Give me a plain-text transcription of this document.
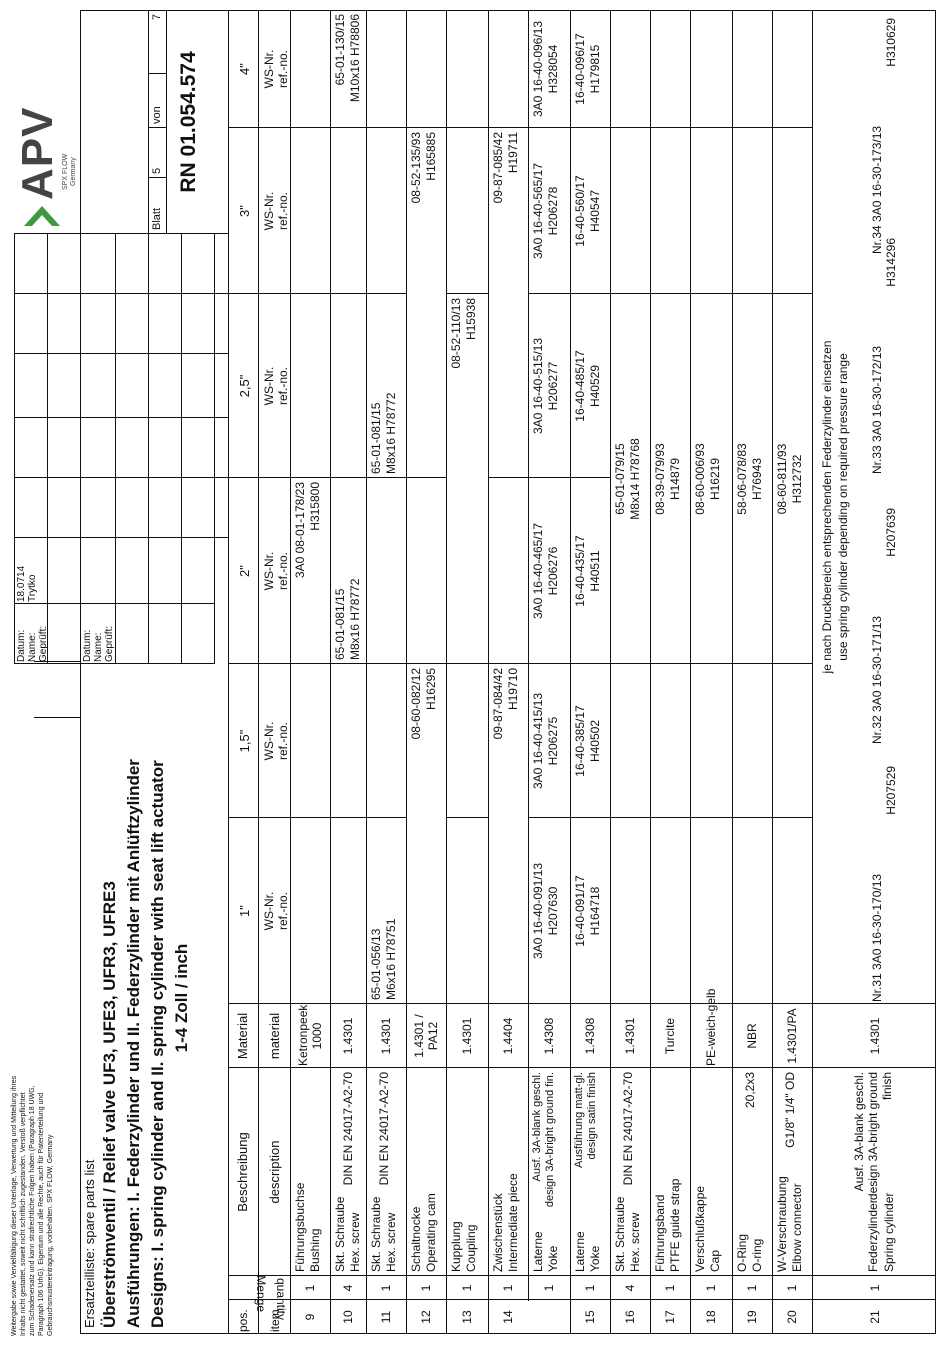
Weitergabe sowie Vervielfältigung dieser Unterlage, Verwertung und Mitteilung ihres Inhalts nicht gestattet, soweit nicht schriftlich zugestanden. Verstoß verpflichtet zum Schadenersatz und kann strafrechtliche Folgen haben (Paragraph 18 UWG, Paragraph 106 UrhG). Eigentum und alle Rechte, auch für Patenterteilung und Gebrauchsmustereintragung, vorbehalten. SPX FLOW, Germany Ersatzteilliste: spare parts list Überströmventil / Relief valve UF3, UFE3, UFR3, UFRE3 Ausführungen: I. Federzylinder und II. Federzylinder mit Anlüftzylinder Designs: I. spring cylinder and II. spring cylinder with seat lift actuator 1-4 Zoll / inch
Datum:
18.0714
Name:
Trytko
Geprüft:	Datum: Name: Geprüft:
APV SPX FLOW Germany
Blatt
5
von
7
RN 01.054.574
pos. item
Menge quantity
Beschreibung description
Material material
1" WS-Nr. ref.-no.
1,5" WS-Nr. ref.-no.
2" WS-Nr. ref.-no.
2,5" WS-Nr. ref.-no.
3" WS-Nr. ref.-no.
4" WS-Nr. ref.-no.
9
1
Führungsbuchse Bushing
Ketronpeek 1000
3A0 08-01-178/23 H315800
10
4
Skt. Schraube Hex. screw
DIN EN 24017-A2-70
1.4301
65-01-081/15 M8x16 H78772
65-01-130/15 M10x16 H78806
11
1
Skt. Schraube Hex. screw
DIN EN 24017-A2-70
1.4301
65-01-056/13 M6x16 H78751
65-01-081/15 M8x16 H78772
12
1
Schaltnocke Operating cam
1.4301 / PA12
08-60-082/12 H16295
08-52-135/93 H165885
13
1
Kupplung Coupling
1.4301
08-52-110/13 H15938
14
1
Zwischenstück Intermediate piece
1.4404
09-87-084/42 H19710
09-87-085/42 H19711
1
Laterne Yoke
Ausf. 3A-blank geschl. design 3A-bright ground fin.
1.4308
3A0 16-40-091/13 H207630
3A0 16-40-415/13 H206275
3A0 16-40-465/17 H206276
3A0 16-40-515/13 H206277
3A0 16-40-565/17 H206278
3A0 16-40-096/13 H328054
15
1
Laterne Yoke
Ausführung matt-gl. design satin finish
1.4308
16-40-091/17 H164718
16-40-385/17 H40502
16-40-435/17 H40511
16-40-485/17 H40529
16-40-560/17 H40547
16-40-096/17 H179815
16
4
Skt. Schraube Hex. screw
DIN EN 24017-A2-70
1.4301
65-01-079/15 M8x14 H78768
17
1
Führungsband PTFE guide strap
Turcite
08-39-079/93 H14879
18
1
Verschlußkappe Cap
PE-weich-gelb
08-60-006/93 H16219
19
1
O-Ring O-ring
20,2x3
NBR
58-06-078/83 H76943
20
1
W-Verschraubung Elbow connector
G1/8" 1/4" OD
1.4301/PA
08-60-811/93 H312732
21
1
Federzylinder Spring cylinder
Ausf. 3A-blank geschl. design 3A-bright ground finish
1.4301
je nach Druckbereich entsprechenden Federzylinder einsetzen use spring cylinder depending on required pressure range
Nr.31 3A0 16-30-170/13
H207529
Nr.32 3A0 16-30-171/13
H207639
Nr.33 3A0 16-30-172/13
H314296
Nr.34 3A0 16-30-173/13
H310629
